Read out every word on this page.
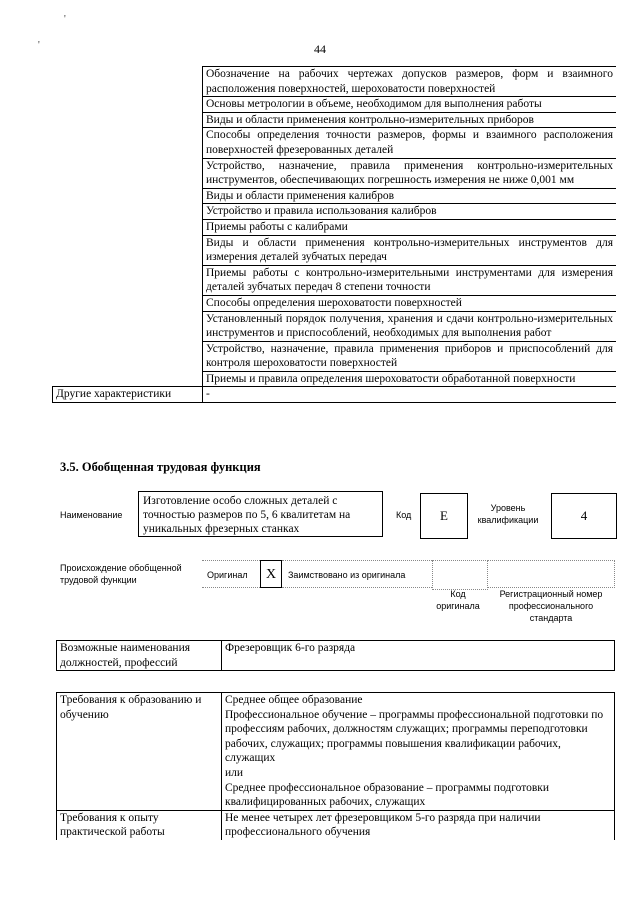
'
'	44
	Обозначение на рабочих чертежах допусков размеров, форм и взаимного расположения поверхностей, шероховатости поверхностей
	Основы метрологии в объеме, необходимом для выполнения работы
	Виды и области применения контрольно-измерительных приборов
	Способы определения точности размеров, формы и взаимного расположения поверхностей фрезерованных деталей
	Устройство, назначение, правила применения контрольно-измерительных инструментов, обеспечивающих погрешность измерения не ниже 0,001 мм
	Виды и области применения калибров
	Устройство и правила использования калибров
	Приемы работы с калибрами
	Виды и области применения контрольно-измерительных инструментов для измерения деталей зубчатых передач
	Приемы работы с контрольно-измерительными инструментами для измерения деталей зубчатых передач 8 степени точности
	Способы определения шероховатости поверхностей
	Установленный порядок получения, хранения и сдачи контрольно-измерительных инструментов и приспособлений, необходимых для выполнения работ
	Устройство, назначение, правила применения приборов и приспособлений для контроля шероховатости поверхностей
	Приемы и правила определения шероховатости обработанной поверхности
Другие характеристики	-
3.5. Обобщенная трудовая функция
Наименование
Изготовление особо сложных деталей с точностью размеров по 5, 6 квалитетам на уникальных фрезерных станках
Код	E	Уровень квалификации	4
Происхождение обобщенной трудовой функции	Оригинал	X	Заимствовано из оригинала
Код оригинала
Регистрационный номер профессионального стандарта
Возможные наименования должностей, профессий	Фрезеровщик 6-го разряда
Требования к образованию и обучению	Среднее общее образование
Профессиональное обучение – программы профессиональной подготовки по профессиям рабочих, должностям служащих; программы переподготовки рабочих, служащих; программы повышения квалификации рабочих, служащих
или
Среднее профессиональное образование – программы подготовки квалифицированных рабочих, служащих

Требования к опыту практической работы	Не менее четырех лет фрезеровщиком 5-го разряда при наличии профессионального обучения
